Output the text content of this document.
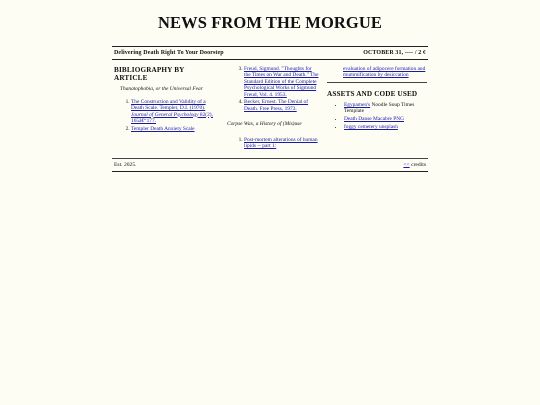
NEWS FROM THE MORGUE
Delivering Death Right To Your Doorstep	OCTOBER 31, ---- / 2 ¢
BIBLIOGRAPHY BY ARTICLE

Thanatophobia, or the Universal Fear

1. The Construction and Validity of a Death Scale. Templer, D.I. (1970). Journal of General Psychology 82(2), 165â€“177.
2. Templer Death Anxiety Scale
3. Freud, Sigmund. "Thoughts for the Times on War and Death." The Standard Edition of the Complete Psychological Works of Sigmund Freud, Vol. 4. 1953.
4. Becker, Ernest. The Denial of Death. Free Press, 1973.

Corpse Wax, a History of (Mis)use

1. Post-mortem alterations of human lipids -- part 1:
evaluation of adipocere formation and mummification by desiccation
ASSETS AND CODE USED
• Egypamen's Noodle Soup Times Template
• Death Danse Macabre PNG
• foggy cemetery unsplash
Est. 2025.	<< credits
